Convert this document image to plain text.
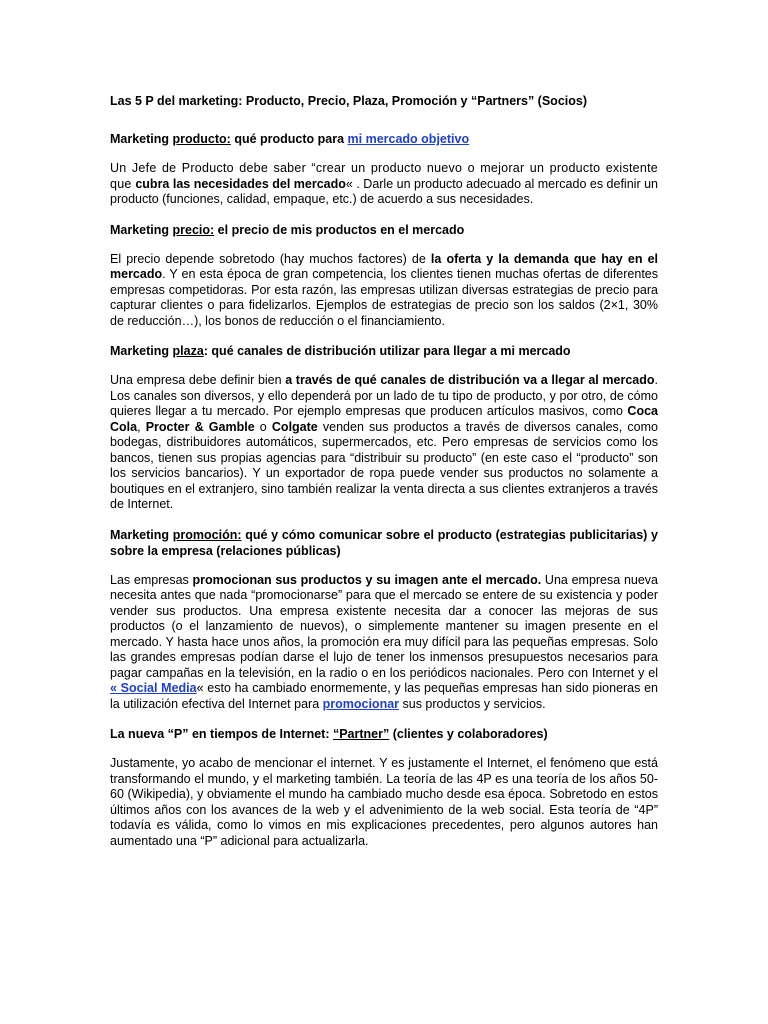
Las 5 P del marketing: Producto, Precio, Plaza, Promoción y “Partners” (Socios)

Marketing producto: qué producto para mi mercado objetivo

Un Jefe de Producto debe saber “crear un producto nuevo o mejorar un producto existente que cubra las necesidades del mercado« . Darle un producto adecuado al mercado es definir un producto (funciones, calidad, empaque, etc.) de acuerdo a sus necesidades.

Marketing precio: el precio de mis productos en el mercado

El precio depende sobretodo (hay muchos factores) de la oferta y la demanda que hay en el mercado. Y en esta época de gran competencia, los clientes tienen muchas ofertas de diferentes empresas competidoras. Por esta razón, las empresas utilizan diversas estrategias de precio para capturar clientes o para fidelizarlos. Ejemplos de estrategias de precio son los saldos (2×1, 30% de reducción…), los bonos de reducción o el financiamiento.

Marketing plaza: qué canales de distribución utilizar para llegar a mi mercado

Una empresa debe definir bien a través de qué canales de distribución va a llegar al mercado. Los canales son diversos, y ello dependerá por un lado de tu tipo de producto, y por otro, de cómo quieres llegar a tu mercado. Por ejemplo empresas que producen artículos masivos, como Coca Cola, Procter & Gamble o Colgate venden sus productos a través de diversos canales, como bodegas, distribuidores automáticos, supermercados, etc. Pero empresas de servicios como los bancos, tienen sus propias agencias para “distribuir su producto” (en este caso el “producto” son los servicios bancarios). Y un exportador de ropa puede vender sus productos no solamente a boutiques en el extranjero, sino también realizar la venta directa a sus clientes extranjeros a través de Internet.

Marketing promoción: qué y cómo comunicar sobre el producto (estrategias publicitarias) y sobre la empresa (relaciones públicas)

Las empresas promocionan sus productos y su imagen ante el mercado. Una empresa nueva necesita antes que nada “promocionarse” para que el mercado se entere de su existencia y poder vender sus productos. Una empresa existente necesita dar a conocer las mejoras de sus productos (o el lanzamiento de nuevos), o simplemente mantener su imagen presente en el mercado. Y hasta hace unos años, la promoción era muy difícil para las pequeñas empresas. Solo las grandes empresas podían darse el lujo de tener los inmensos presupuestos necesarios para pagar campañas en la televisión, en la radio o en los periódicos nacionales. Pero con Internet y el « Social Media« esto ha cambiado enormemente, y las pequeñas empresas han sido pioneras en la utilización efectiva del Internet para promocionar sus productos y servicios.

La nueva “P” en tiempos de Internet: “Partner” (clientes y colaboradores)

Justamente, yo acabo de mencionar el internet. Y es justamente el Internet, el fenómeno que está transformando el mundo, y el marketing también. La teoría de las 4P es una teoría de los años 50-60 (Wikipedia), y obviamente el mundo ha cambiado mucho desde esa época. Sobretodo en estos últimos años con los avances de la web y el advenimiento de la web social. Esta teoría de “4P” todavía es válida, como lo vimos en mis explicaciones precedentes, pero algunos autores han aumentado una “P” adicional para actualizarla.
